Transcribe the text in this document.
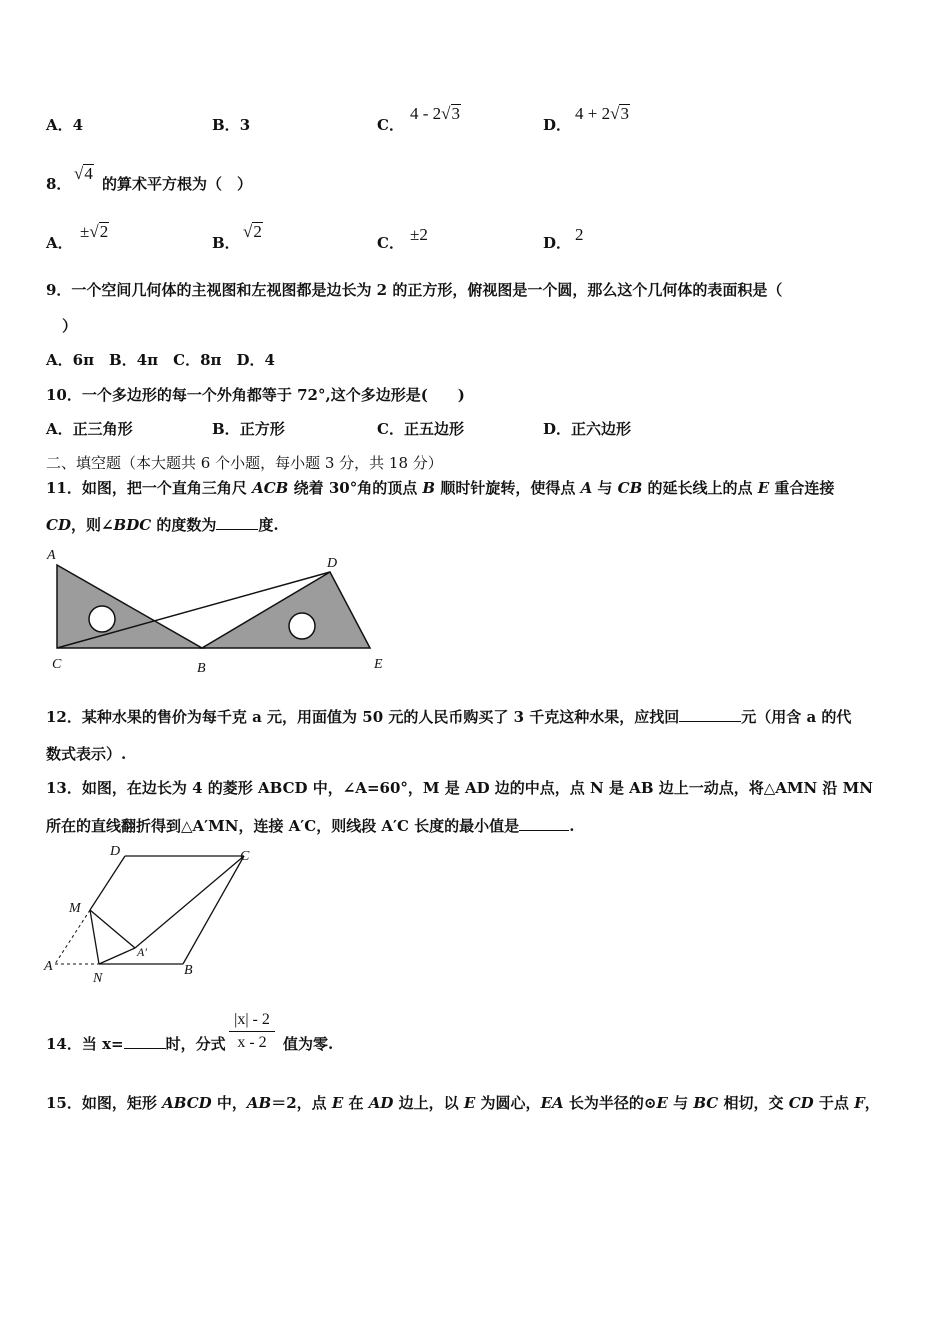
A．4	B．3	C．
4 - 2√3
D．
4 + 2√3
8．
√4
的算术平方根为（　）
A．
±√2
B．
√2
C． ±2	D． 2
9．一个空间几何体的主视图和左视图都是边长为 2 的正方形，俯视图是一个圆，那么这个几何体的表面积是（
）
A．6π　B．4π　C．8π　D．4
10．一个多边形的每一个外角都等于 72°,这个多边形是(　　)
A．正三角形	B．正方形	C．正五边形	D．正六边形
二、填空题（本大题共 6 个小题，每小题 3 分，共 18 分）
11．如图，把一个直角三角尺 ACB 绕着 30°角的顶点 B 顺时针旋转，使得点 A 与 CB 的延长线上的点 E 重合连接
CD，则∠BDC 的度数为	度.
A
C	B
D
E
12．某种水果的售价为每千克 a 元，用面值为 50 元的人民币购买了 3 千克这种水果，应找回	元（用含 a 的代
数式表示）.
13．如图，在边长为 4 的菱形 ABCD 中，∠A=60°，M 是 AD 边的中点，点 N 是 AB 边上一动点，将△AMN 沿 MN
所在的直线翻折得到△A′MN，连接 A′C，则线段 A′C 长度的最小值是	.
D	C
M
A′
A
N
B
14．当 x=	时，分式
|x| - 2
x - 2	值为零.
15．如图，矩形 ABCD 中，AB＝2，点 E 在 AD 边上，以 E 为圆心，EA 长为半径的⊙E 与 BC 相切，交 CD 于点 F，
